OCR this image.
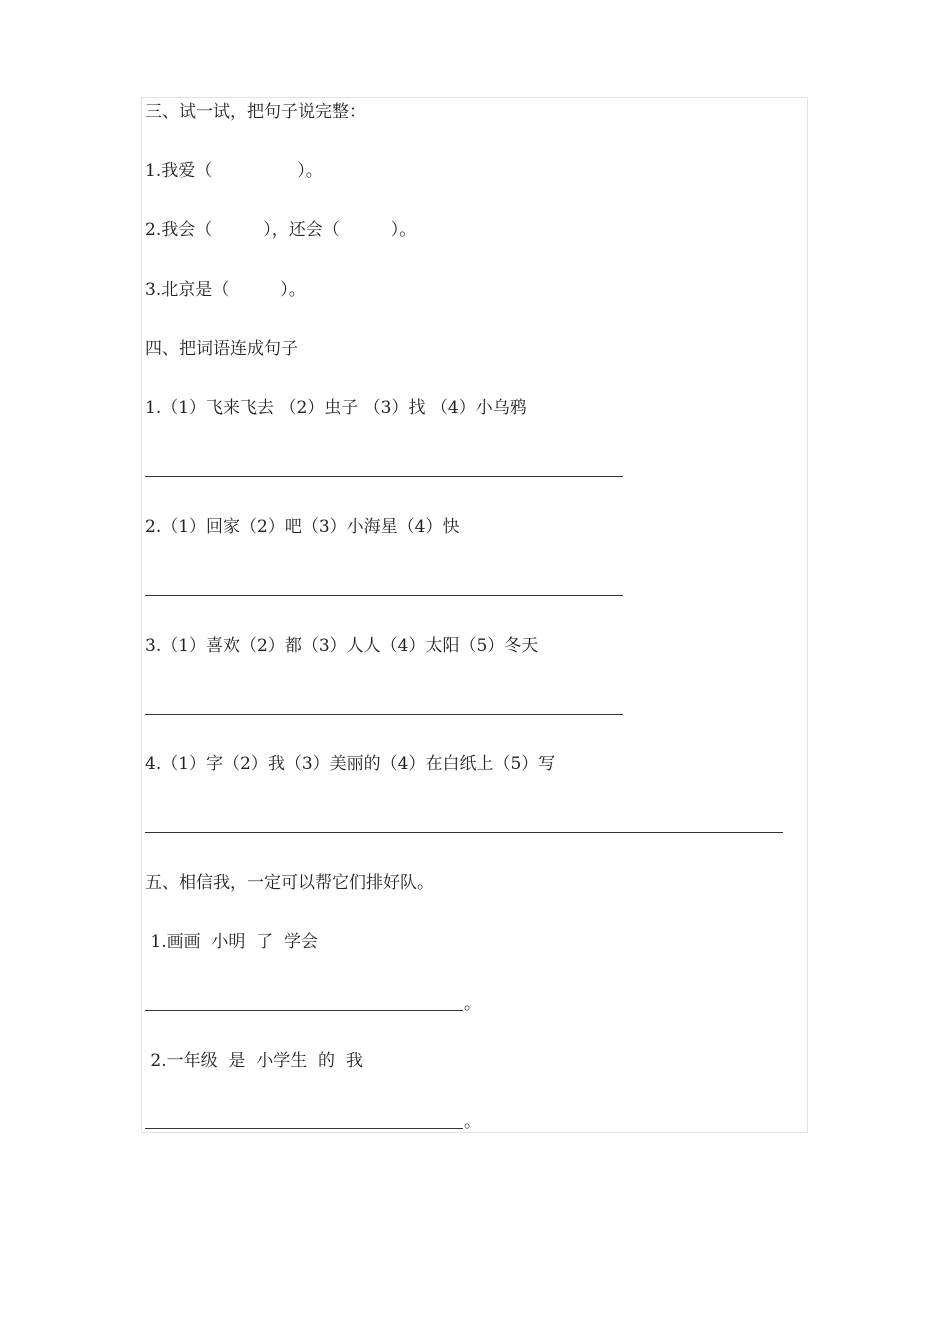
三、试一试，把句子说完整：
1.我爱（　　　　　）。
2.我会（　　　），还会（　　　）。
3.北京是（　　　）。
四、把词语连成句子
1.（1）飞来飞去 （2）虫子 （3）找 （4）小乌鸦
2.（1）回家（2）吧（3）小海星（4）快
3.（1）喜欢（2）都（3）人人（4）太阳（5）冬天
4.（1）字（2）我（3）美丽的（4）在白纸上（5）写
五、相信我，一定可以帮它们排好队。
1.画画  小明  了  学会
。
2.一年级  是  小学生  的  我
。
